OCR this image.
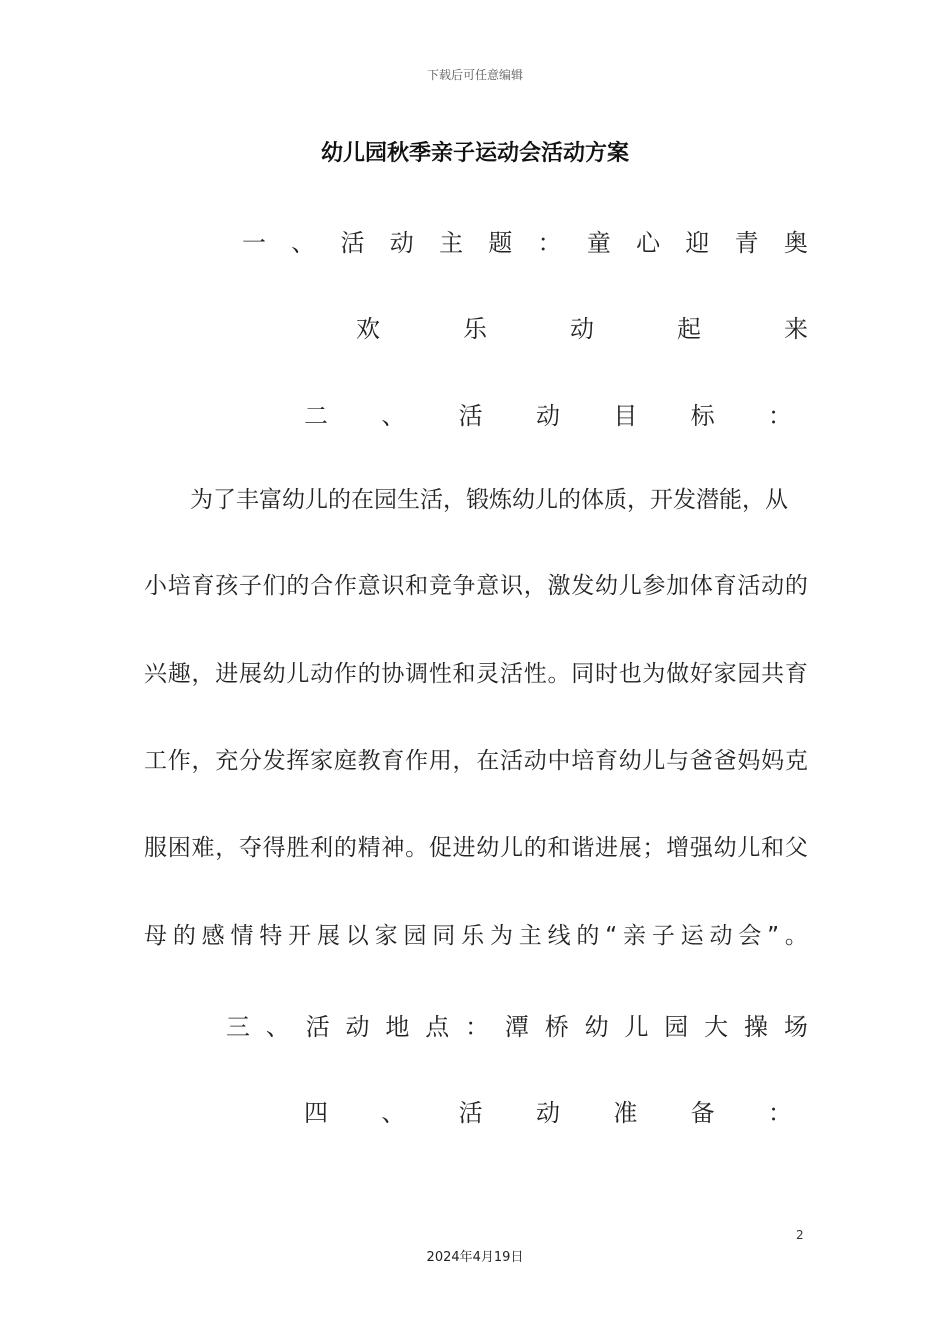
下载后可任意编辑
幼儿园秋季亲子运动会活动方案
一 、 活 动 主 题 ： 童 心 迎 青 奥
欢	乐	动	起	来
二 、 活 动 目 标 ：
为了丰富幼儿的在园生活，锻炼幼儿的体质，开发潜能，从
小 培 育 孩 子 们 的 合 作 意 识 和 竞 争 意 识 ， 激 发 幼 儿 参 加 体 育 活 动 的
兴 趣 ， 进 展 幼 儿 动 作 的 协 调 性 和 灵 活 性 。 同 时 也 为 做 好 家 园 共 育
工 作 ， 充 分 发 挥 家 庭 教 育 作 用 ， 在 活 动 中 培 育 幼 儿 与 爸 爸 妈 妈 克
服 困 难 ， 夺 得 胜 利 的 精 神 。 促 进 幼 儿 的 和 谐 进 展 ； 增 强 幼 儿 和 父
母 的 感 情 特 开 展 以 家 园 同 乐 为 主 线 的 “ 亲 子 运 动 会 ” 。
三 、 活 动 地 点 ： 潭 桥 幼 儿 园 大 操 场
四 、 活 动 准 备 ：
2
2024年4月19日
